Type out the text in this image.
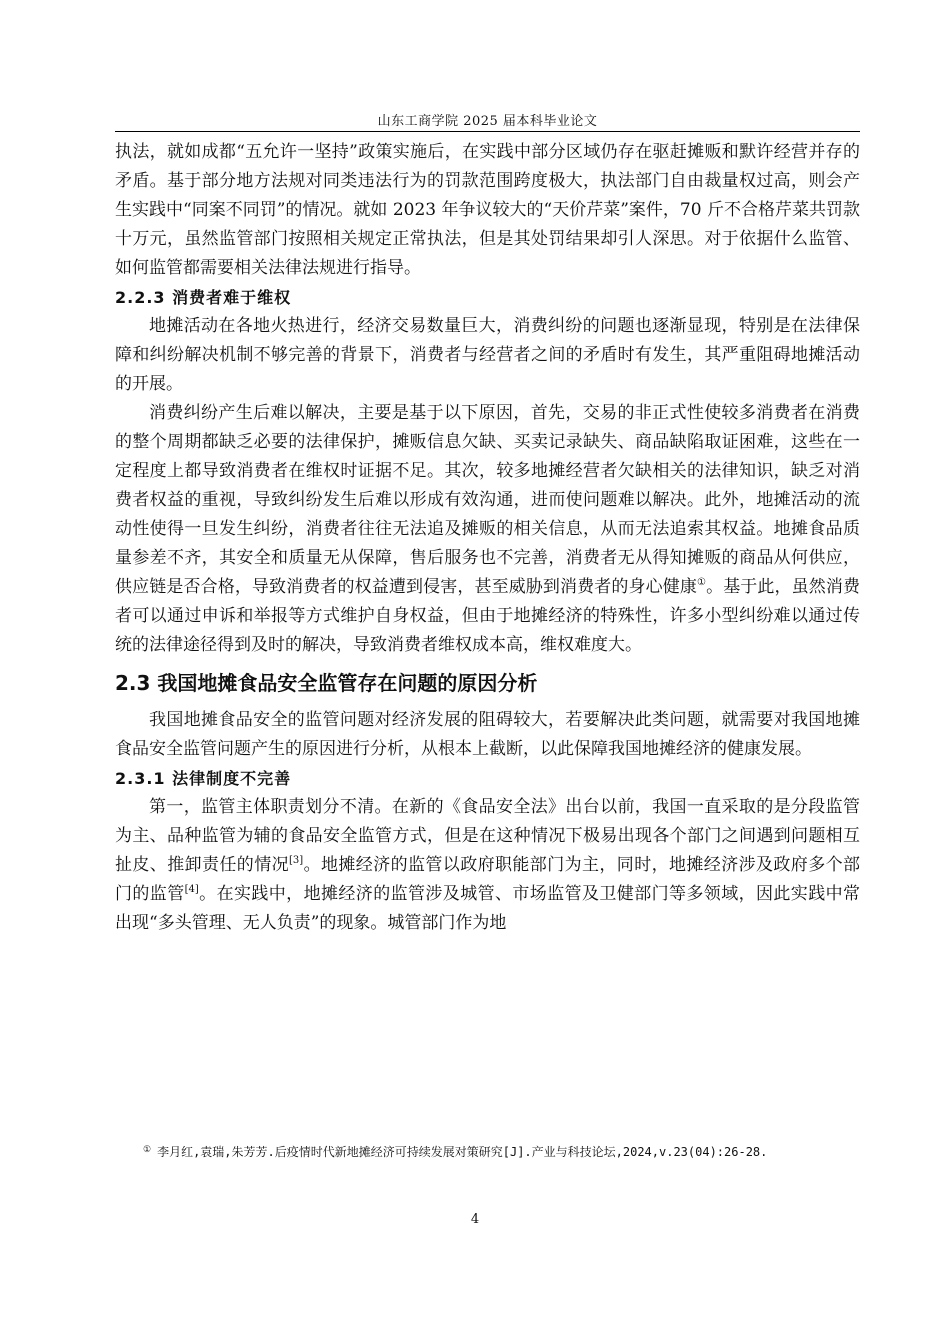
山东工商学院 2025 届本科毕业论文

执法，就如成都“五允许一坚持”政策实施后，在实践中部分区域仍存在驱赶摊贩和默许经营并存的矛盾。基于部分地方法规对同类违法行为的罚款范围跨度极大，执法部门自由裁量权过高，则会产生实践中“同案不同罚”的情况。就如 2023 年争议较大的“天价芹菜”案件，70 斤不合格芹菜共罚款十万元，虽然监管部门按照相关规定正常执法，但是其处罚结果却引人深思。对于依据什么监管、如何监管都需要相关法律法规进行指导。

2.2.3 消费者难于维权

地摊活动在各地火热进行，经济交易数量巨大，消费纠纷的问题也逐渐显现，特别是在法律保障和纠纷解决机制不够完善的背景下，消费者与经营者之间的矛盾时有发生，其严重阻碍地摊活动的开展。

消费纠纷产生后难以解决，主要是基于以下原因，首先，交易的非正式性使较多消费者在消费的整个周期都缺乏必要的法律保护，摊贩信息欠缺、买卖记录缺失、商品缺陷取证困难，这些在一定程度上都导致消费者在维权时证据不足。其次，较多地摊经营者欠缺相关的法律知识，缺乏对消费者权益的重视，导致纠纷发生后难以形成有效沟通，进而使问题难以解决。此外，地摊活动的流动性使得一旦发生纠纷，消费者往往无法追及摊贩的相关信息，从而无法追索其权益。地摊食品质量参差不齐，其安全和质量无从保障，售后服务也不完善，消费者无从得知摊贩的商品从何供应，供应链是否合格，导致消费者的权益遭到侵害，甚至威胁到消费者的身心健康①。基于此，虽然消费者可以通过申诉和举报等方式维护自身权益，但由于地摊经济的特殊性，许多小型纠纷难以通过传统的法律途径得到及时的解决，导致消费者维权成本高，维权难度大。

2.3 我国地摊食品安全监管存在问题的原因分析

我国地摊食品安全的监管问题对经济发展的阻碍较大，若要解决此类问题，就需要对我国地摊食品安全监管问题产生的原因进行分析，从根本上截断，以此保障我国地摊经济的健康发展。

2.3.1 法律制度不完善

第一，监管主体职责划分不清。在新的《食品安全法》出台以前，我国一直采取的是分段监管为主、品种监管为辅的食品安全监管方式，但是在这种情况下极易出现各个部门之间遇到问题相互扯皮、推卸责任的情况[3]。地摊经济的监管以政府职能部门为主，同时，地摊经济涉及政府多个部门的监管[4]。在实践中，地摊经济的监管涉及城管、市场监管及卫健部门等多领域，因此实践中常出现“多头管理、无人负责”的现象。城管部门作为地

① 李月红,袁瑞,朱芳芳.后疫情时代新地摊经济可持续发展对策研究[J].产业与科技论坛,2024,v.23(04):26-28.
4
